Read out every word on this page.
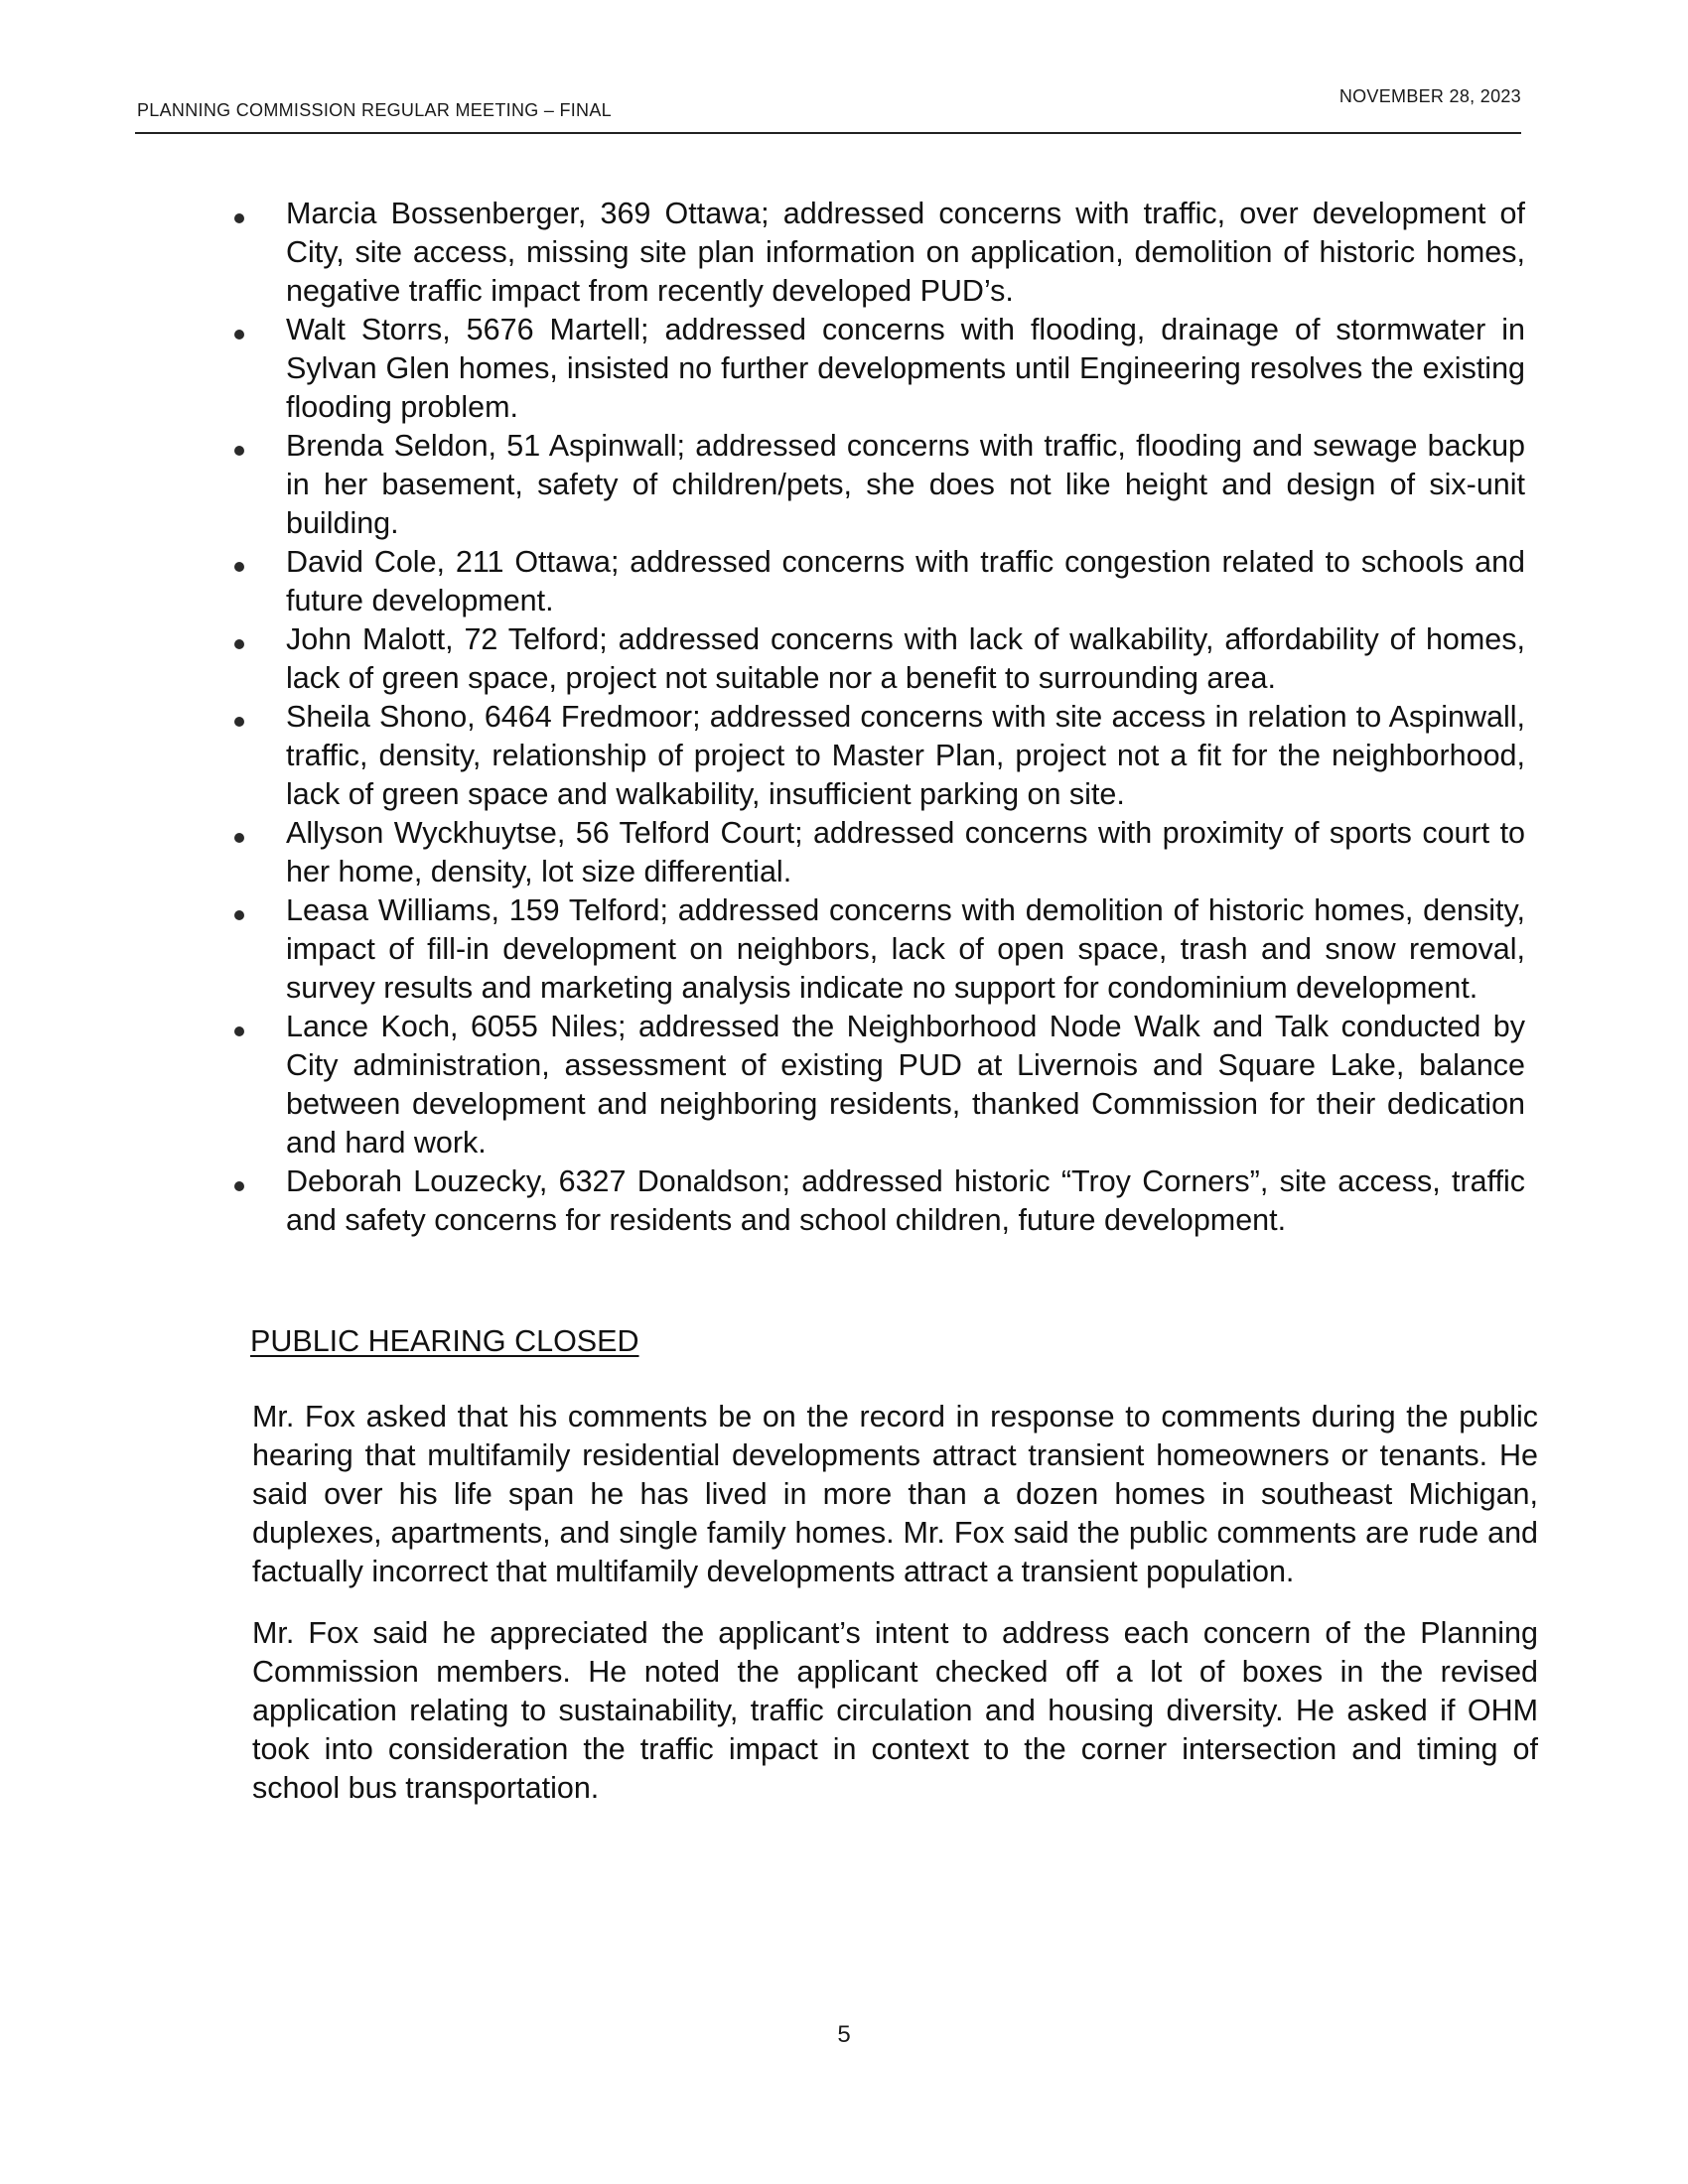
PLANNING COMMISSION REGULAR MEETING – FINAL
NOVEMBER 28, 2023
Marcia Bossenberger, 369 Ottawa; addressed concerns with traffic, over development of City, site access, missing site plan information on application, demolition of historic homes, negative traffic impact from recently developed PUD’s.
Walt Storrs, 5676 Martell; addressed concerns with flooding, drainage of stormwater in Sylvan Glen homes, insisted no further developments until Engineering resolves the existing flooding problem.
Brenda Seldon, 51 Aspinwall; addressed concerns with traffic, flooding and sewage backup in her basement, safety of children/pets, she does not like height and design of six-unit building.
David Cole, 211 Ottawa; addressed concerns with traffic congestion related to schools and future development.
John Malott, 72 Telford; addressed concerns with lack of walkability, affordability of homes, lack of green space, project not suitable nor a benefit to surrounding area.
Sheila Shono, 6464 Fredmoor; addressed concerns with site access in relation to Aspinwall, traffic, density, relationship of project to Master Plan, project not a fit for the neighborhood, lack of green space and walkability, insufficient parking on site.
Allyson Wyckhuytse, 56 Telford Court; addressed concerns with proximity of sports court to her home, density, lot size differential.
Leasa Williams, 159 Telford; addressed concerns with demolition of historic homes, density, impact of fill-in development on neighbors, lack of open space, trash and snow removal, survey results and marketing analysis indicate no support for condominium development.
Lance Koch, 6055 Niles; addressed the Neighborhood Node Walk and Talk conducted by City administration, assessment of existing PUD at Livernois and Square Lake, balance between development and neighboring residents, thanked Commission for their dedication and hard work.
Deborah Louzecky, 6327 Donaldson; addressed historic “Troy Corners”, site access, traffic and safety concerns for residents and school children, future development.
PUBLIC HEARING CLOSED

Mr. Fox asked that his comments be on the record in response to comments during the public hearing that multifamily residential developments attract transient homeowners or tenants. He said over his life span he has lived in more than a dozen homes in southeast Michigan, duplexes, apartments, and single family homes. Mr. Fox said the public comments are rude and factually incorrect that multifamily developments attract a transient population.

Mr. Fox said he appreciated the applicant’s intent to address each concern of the Planning Commission members. He noted the applicant checked off a lot of boxes in the revised application relating to sustainability, traffic circulation and housing diversity. He asked if OHM took into consideration the traffic impact in context to the corner intersection and timing of school bus transportation.

5
